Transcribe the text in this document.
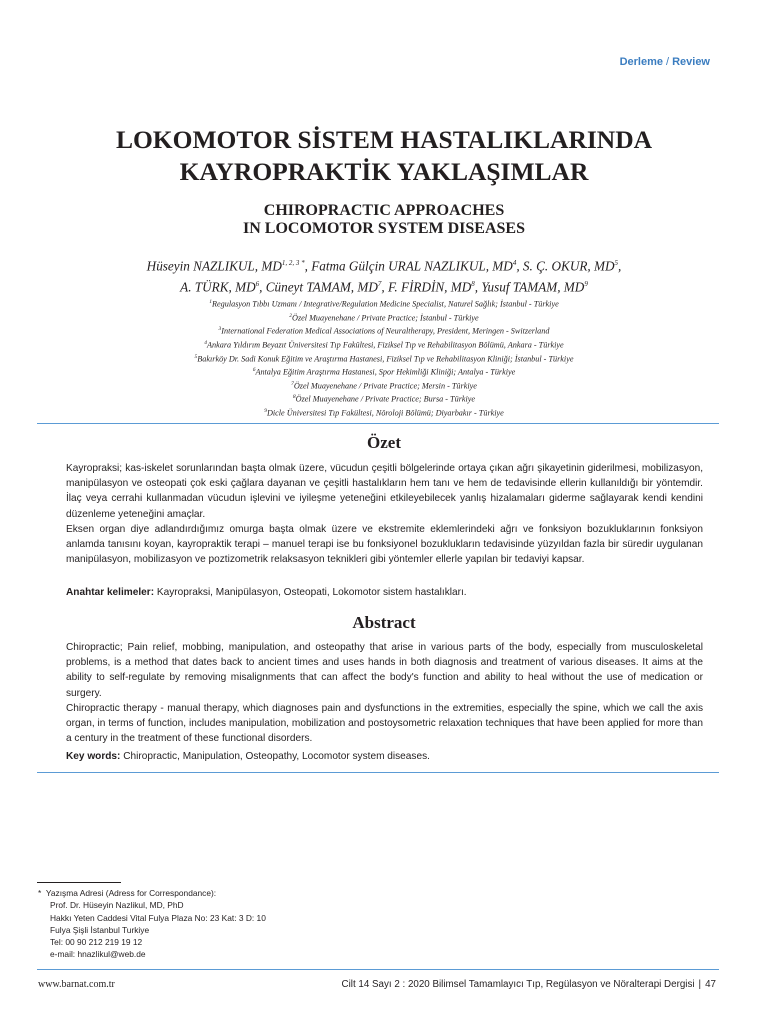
Derleme / Review
LOKOMOTOR SİSTEM HASTALIKLARINDA
KAYROPRAKTİK YAKLAŞIMLAR
CHIROPRACTIC APPROACHES
IN LOCOMOTOR SYSTEM DISEASES
Hüseyin NAZLIKUL, $MD^{1, 2, 3 *}$, Fatma Gülçin URAL NAZLIKUL, $MD^4$, S. Ç. OKUR, $MD^5$,
A. TÜRK, $MD^6$, Cüneyt TAMAM, $MD^7$, F. FİRDİN, $MD^8$, Yusuf TAMAM, $MD^9$
$^1$Regulasyon Tıbbı Uzmanı / Integrative/Regulation Medicine Specialist, Naturel Sağlık; İstanbul - Türkiye
$^2$Özel Muayenehane / Private Practice; İstanbul - Türkiye
$^3$International Federation Medical Associations of Neuraltherapy, President, Meringen - Switzerland
$^4$Ankara Yıldırım Beyazıt Üniversitesi Tıp Fakültesi, Fiziksel Tıp ve Rehabilitasyon Bölümü, Ankara - Türkiye
$^5$Bakırköy Dr. Sadi Konuk Eğitim ve Araştırma Hastanesi, Fiziksel Tıp ve Rehabilitasyon Kliniği; İstanbul - Türkiye
$^6$Antalya Eğitim Araştırma Hastanesi, Spor Hekimliği Kliniği; Antalya - Türkiye
$^7$Özel Muayenehane / Private Practice; Mersin - Türkiye
$^8$Özel Muayenehane / Private Practice; Bursa - Türkiye
$^9$Dicle Üniversitesi Tıp Fakültesi, Nöroloji Bölümü; Diyarbakır - Türkiye
Özet

Kayropraksi; kas-iskelet sorunlarından başta olmak üzere, vücudun çeşitli bölgelerinde ortaya çıkan ağrı şikayetinin giderilmesi, mobilizasyon, manipülasyon ve osteopati çok eski çağlara dayanan ve çeşitli hastalıkların hem tanı ve hem de tedavisinde ellerin kullanıldığı bir yöntemdir. İlaç veya cerrahi kullanmadan vücudun işlevini ve iyileşme yeteneğini etkileyebilecek yanlış hizalamaları giderme sağlayarak kendi kendini düzenleme yeteneğini amaçlar.

Eksen organ diye adlandırdığımız omurga başta olmak üzere ve ekstremite eklemlerindeki ağrı ve fonksiyon bozukluklarının fonksiyon anlamda tanısını koyan, kayropraktik terapi – manuel terapi ise bu fonksiyonel bozuklukların tedavisinde yüzyıldan fazla bir süredir uygulanan manipülasyon, mobilizasyon ve poztizometrik relaksasyon teknikleri gibi yöntemler ellerle yapılan bir tedaviyi kapsar.

Anahtar kelimeler: Kayropraksi, Manipülasyon, Osteopati, Lokomotor sistem hastalıkları.
Abstract

Chiropractic; Pain relief, mobbing, manipulation, and osteopathy that arise in various parts of the body, especially from musculoskeletal problems, is a method that dates back to ancient times and uses hands in both diagnosis and treatment of various diseases. It aims at the ability to self-regulate by removing misalignments that can affect the body's function and ability to heal without the use of medication or surgery.

Chiropractic therapy - manual therapy, which diagnoses pain and dysfunctions in the extremities, especially the spine, which we call the axis organ, in terms of function, includes manipulation, mobilization and postoysometric relaxation techniques that have been applied for more than a century in the treatment of these functional disorders.

Key words: Chiropractic, Manipulation, Osteopathy, Locomotor system diseases.
* Yazışma Adresi (Adress for Correspondance):
Prof. Dr. Hüseyin Nazlikul, MD, PhD
Hakkı Yeten Caddesi Vital Fulya Plaza No: 23 Kat: 3 D: 10
Fulya Şişli İstanbul Turkiye
Tel: 00 90 212 219 19 12
e-mail: hnazlikul@web.de
www.barnat.com.tr	Cilt 14 Sayı 2 : 2020 Bilimsel Tamamlayıcı Tıp, Regülasyon ve Nöralterapi Dergisi | 47
